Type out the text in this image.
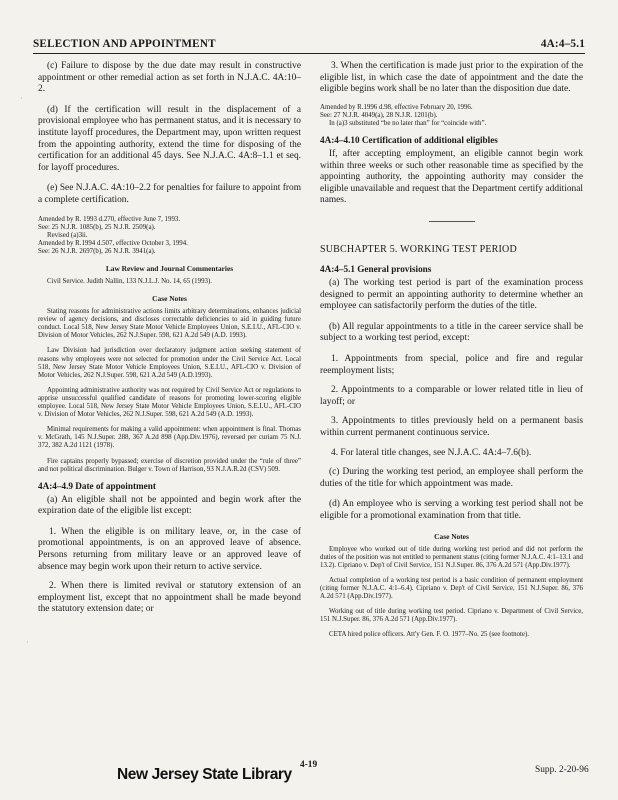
SELECTION AND APPOINTMENT	4A:4–5.1
(c) Failure to dispose by the due date may result in constructive appointment or other remedial action as set forth in N.J.A.C. 4A:10–2.
(d) If the certification will result in the displacement of a provisional employee who has permanent status, and it is necessary to institute layoff procedures, the Department may, upon written request from the appointing authority, extend the time for disposing of the certification for an additional 45 days. See N.J.A.C. 4A:8–1.1 et seq. for layoff procedures.
(e) See N.J.A.C. 4A:10–2.2 for penalties for failure to appoint from a complete certification.
Amended by R. 1993 d.270, effective June 7, 1993.
See: 25 N.J.R. 1085(b), 25 N.J.R. 2509(a).
Revised (a)3ii.
Amended by R.1994 d.507, effective October 3, 1994.
See: 26 N.J.R. 2697(b), 26 N.J.R. 3941(a).
Law Review and Journal Commentaries
Civil Service. Judith Nallin, 133 N.J.L.J. No. 14, 65 (1993).
Case Notes
Stating reasons for administrative actions limits arbitrary determinations, enhances judicial review of agency decisions, and discloses correctable deficiencies to aid in guiding future conduct. Local 518, New Jersey State Motor Vehicle Employees Union, S.E.I.U., AFL-CIO v. Division of Motor Vehicles, 262 N.J.Super. 598, 621 A.2d 549 (A.D. 1993).
Law Division had jurisdiction over declaratory judgment action seeking statement of reasons why employees were not selected for promotion under the Civil Service Act. Local 518, New Jersey State Motor Vehicle Employees Union, S.E.I.U., AFL-CIO v. Division of Motor Vehicles, 262 N.J.Super. 598, 621 A.2d 549 (A.D.1993).
Appointing administrative authority was not required by Civil Service Act or regulations to apprise unsuccessful qualified candidate of reasons for promoting lower-scoring eligible employee. Local 518, New Jersey State Motor Vehicle Employees Union, S.E.I.U., AFL-CIO v. Division of Motor Vehicles, 262 N.J.Super. 598, 621 A.2d 549 (A.D. 1993).
Minimal requirements for making a valid appointment: when appointment is final. Thomas v. McGrath, 145 N.J.Super. 288, 367 A.2d 898 (App.Div.1976), reversed per curiam 75 N.J. 372, 382 A.2d 1121 (1978).
Fire captains properly bypassed; exercise of discretion provided under the “rule of three” and not political discrimination. Bulger v. Town of Harrison, 93 N.J.A.R.2d (CSV) 509.
4A:4–4.9 Date of appointment
(a) An eligible shall not be appointed and begin work after the expiration date of the eligible list except:
1. When the eligible is on military leave, or, in the case of promotional appointments, is on an approved leave of absence. Persons returning from military leave or an approved leave of absence may begin work upon their return to active service.
2. When there is limited revival or statutory extension of an employment list, except that no appointment shall be made beyond the statutory extension date; or
3. When the certification is made just prior to the expiration of the eligible list, in which case the date of appointment and the date the eligible begins work shall be no later than the disposition due date.
Amended by R.1996 d.98, effective February 20, 1996.
See: 27 N.J.R. 4049(a), 28 N.J.R. 1201(b).
In (a)3 substituted “be no later than” for “coincide with”.
4A:4–4.10 Certification of additional eligibles
If, after accepting employment, an eligible cannot begin work within three weeks or such other reasonable time as specified by the appointing authority, the appointing authority may consider the eligible unavailable and request that the Department certify additional names.
SUBCHAPTER 5. WORKING TEST PERIOD
4A:4–5.1 General provisions
(a) The working test period is part of the examination process designed to permit an appointing authority to determine whether an employee can satisfactorily perform the duties of the title.
(b) All regular appointments to a title in the career service shall be subject to a working test period, except:
1. Appointments from special, police and fire and regular reemployment lists;
2. Appointments to a comparable or lower related title in lieu of layoff; or
3. Appointments to titles previously held on a permanent basis within current permanent continuous service.
4. For lateral title changes, see N.J.A.C. 4A:4–7.6(b).
(c) During the working test period, an employee shall perform the duties of the title for which appointment was made.
(d) An employee who is serving a working test period shall not be eligible for a promotional examination from that title.
Case Notes
Employee who worked out of title during working test period and did not perform the duties of the position was not entitled to permanent status (citing former N.J.A.C. 4:1–13.1 and 13.2). Cipriano v. Dep't of Civil Service, 151 N.J.Super. 86, 376 A.2d 571 (App.Div.1977).
Actual completion of a working test period is a basic condition of permanent employment (citing former N.J.A.C. 4:1–6.4). Cipriano v. Dep't of Civil Service, 151 N.J.Super. 86, 376 A.2d 571 (App.Div.1977).
Working out of title during working test period. Cipriano v. Department of Civil Service, 151 N.J.Super. 86, 376 A.2d 571 (App.Div.1977).
CETA hired police officers. Att'y Gen. F. O. 1977–No. 25 (see footnote).
˙
˙
New Jersey State Library
4-19	Supp. 2-20-96
